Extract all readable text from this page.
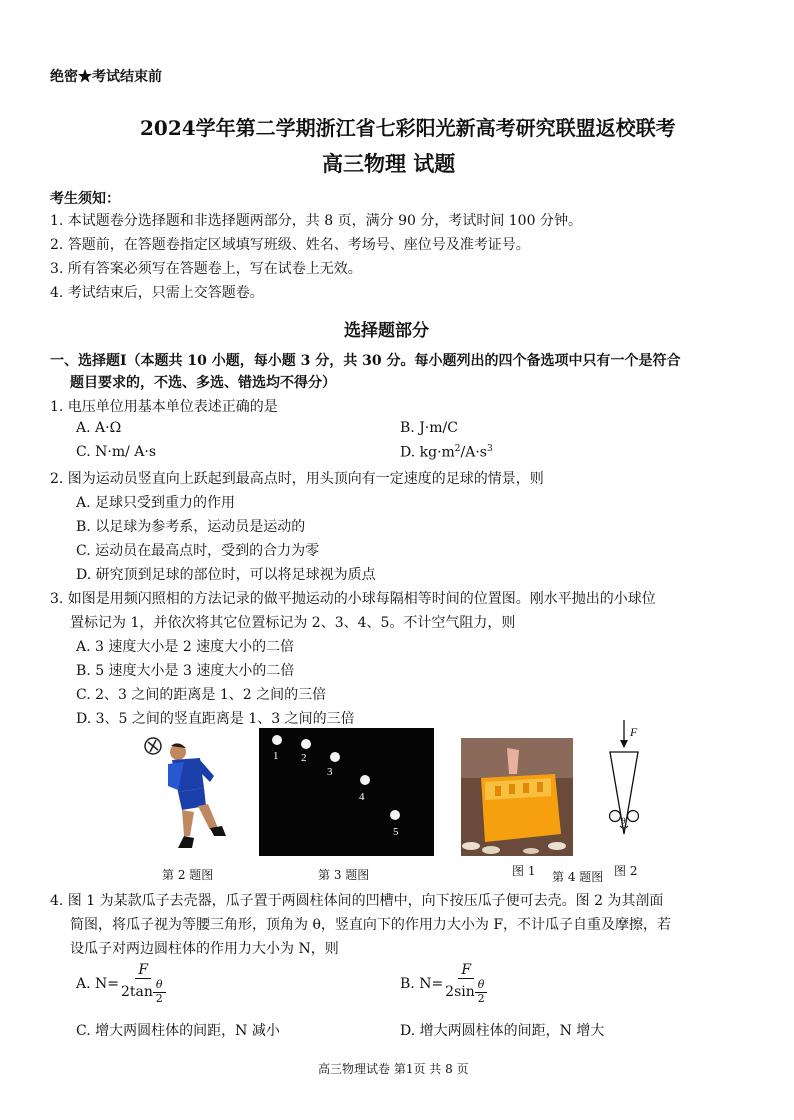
绝密★考试结束前
2024学年第二学期浙江省七彩阳光新高考研究联盟返校联考
高三物理 试题
考生须知：
1. 本试题卷分选择题和非选择题两部分，共 8 页，满分 90 分，考试时间 100 分钟。
2. 答题前，在答题卷指定区域填写班级、姓名、考场号、座位号及准考证号。
3. 所有答案必须写在答题卷上，写在试卷上无效。
4. 考试结束后，只需上交答题卷。
选择题部分
一、选择题Ⅰ（本题共 10 小题，每小题 3 分，共 30 分。每小题列出的四个备选项中只有一个是符合
题目要求的，不选、多选、错选均不得分）
1. 电压单位用基本单位表述正确的是
A. A·Ω	B. J·m/C
C. N·m/ A·s	D. $kg\cdot m^2/A\cdot s^3$
2. 图为运动员竖直向上跃起到最高点时，用头顶向有一定速度的足球的情景，则
A. 足球只受到重力的作用
B. 以足球为参考系，运动员是运动的
C. 运动员在最高点时，受到的合力为零
D. 研究顶到足球的部位时，可以将足球视为质点
3. 如图是用频闪照相的方法记录的做平抛运动的小球每隔相等时间的位置图。刚水平抛出的小球位
置标记为 1，并依次将其它位置标记为 2、3、4、5。不计空气阻力，则
A. 3 速度大小是 2 速度大小的二倍
B. 5 速度大小是 3 速度大小的二倍
C. 2、3 之间的距离是 1、2 之间的三倍
D. 3、5 之间的竖直距离是 1、3 之间的三倍
第 2 题图
1 2
3
4
5
第 3 题图	图 1 第 4 题图
F
θ
图 2
4. 图 1 为某款瓜子去壳器，瓜子置于两圆柱体间的凹槽中，向下按压瓜子便可去壳。图 2 为其剖面
简图，将瓜子视为等腰三角形，顶角为 θ，竖直向下的作用力大小为 F，不计瓜子自重及摩擦，若
设瓜子对两边圆柱体的作用力大小为 N，则
A. $N= \frac{F}{2\tan \frac{\theta}{2}}$	B. $N= \frac{F}{2\sin \frac{\theta}{2}}$
C. 增大两圆柱体的间距，N 减小	D. 增大两圆柱体的间距，N 增大
高三物理试卷 第1页 共 8 页
